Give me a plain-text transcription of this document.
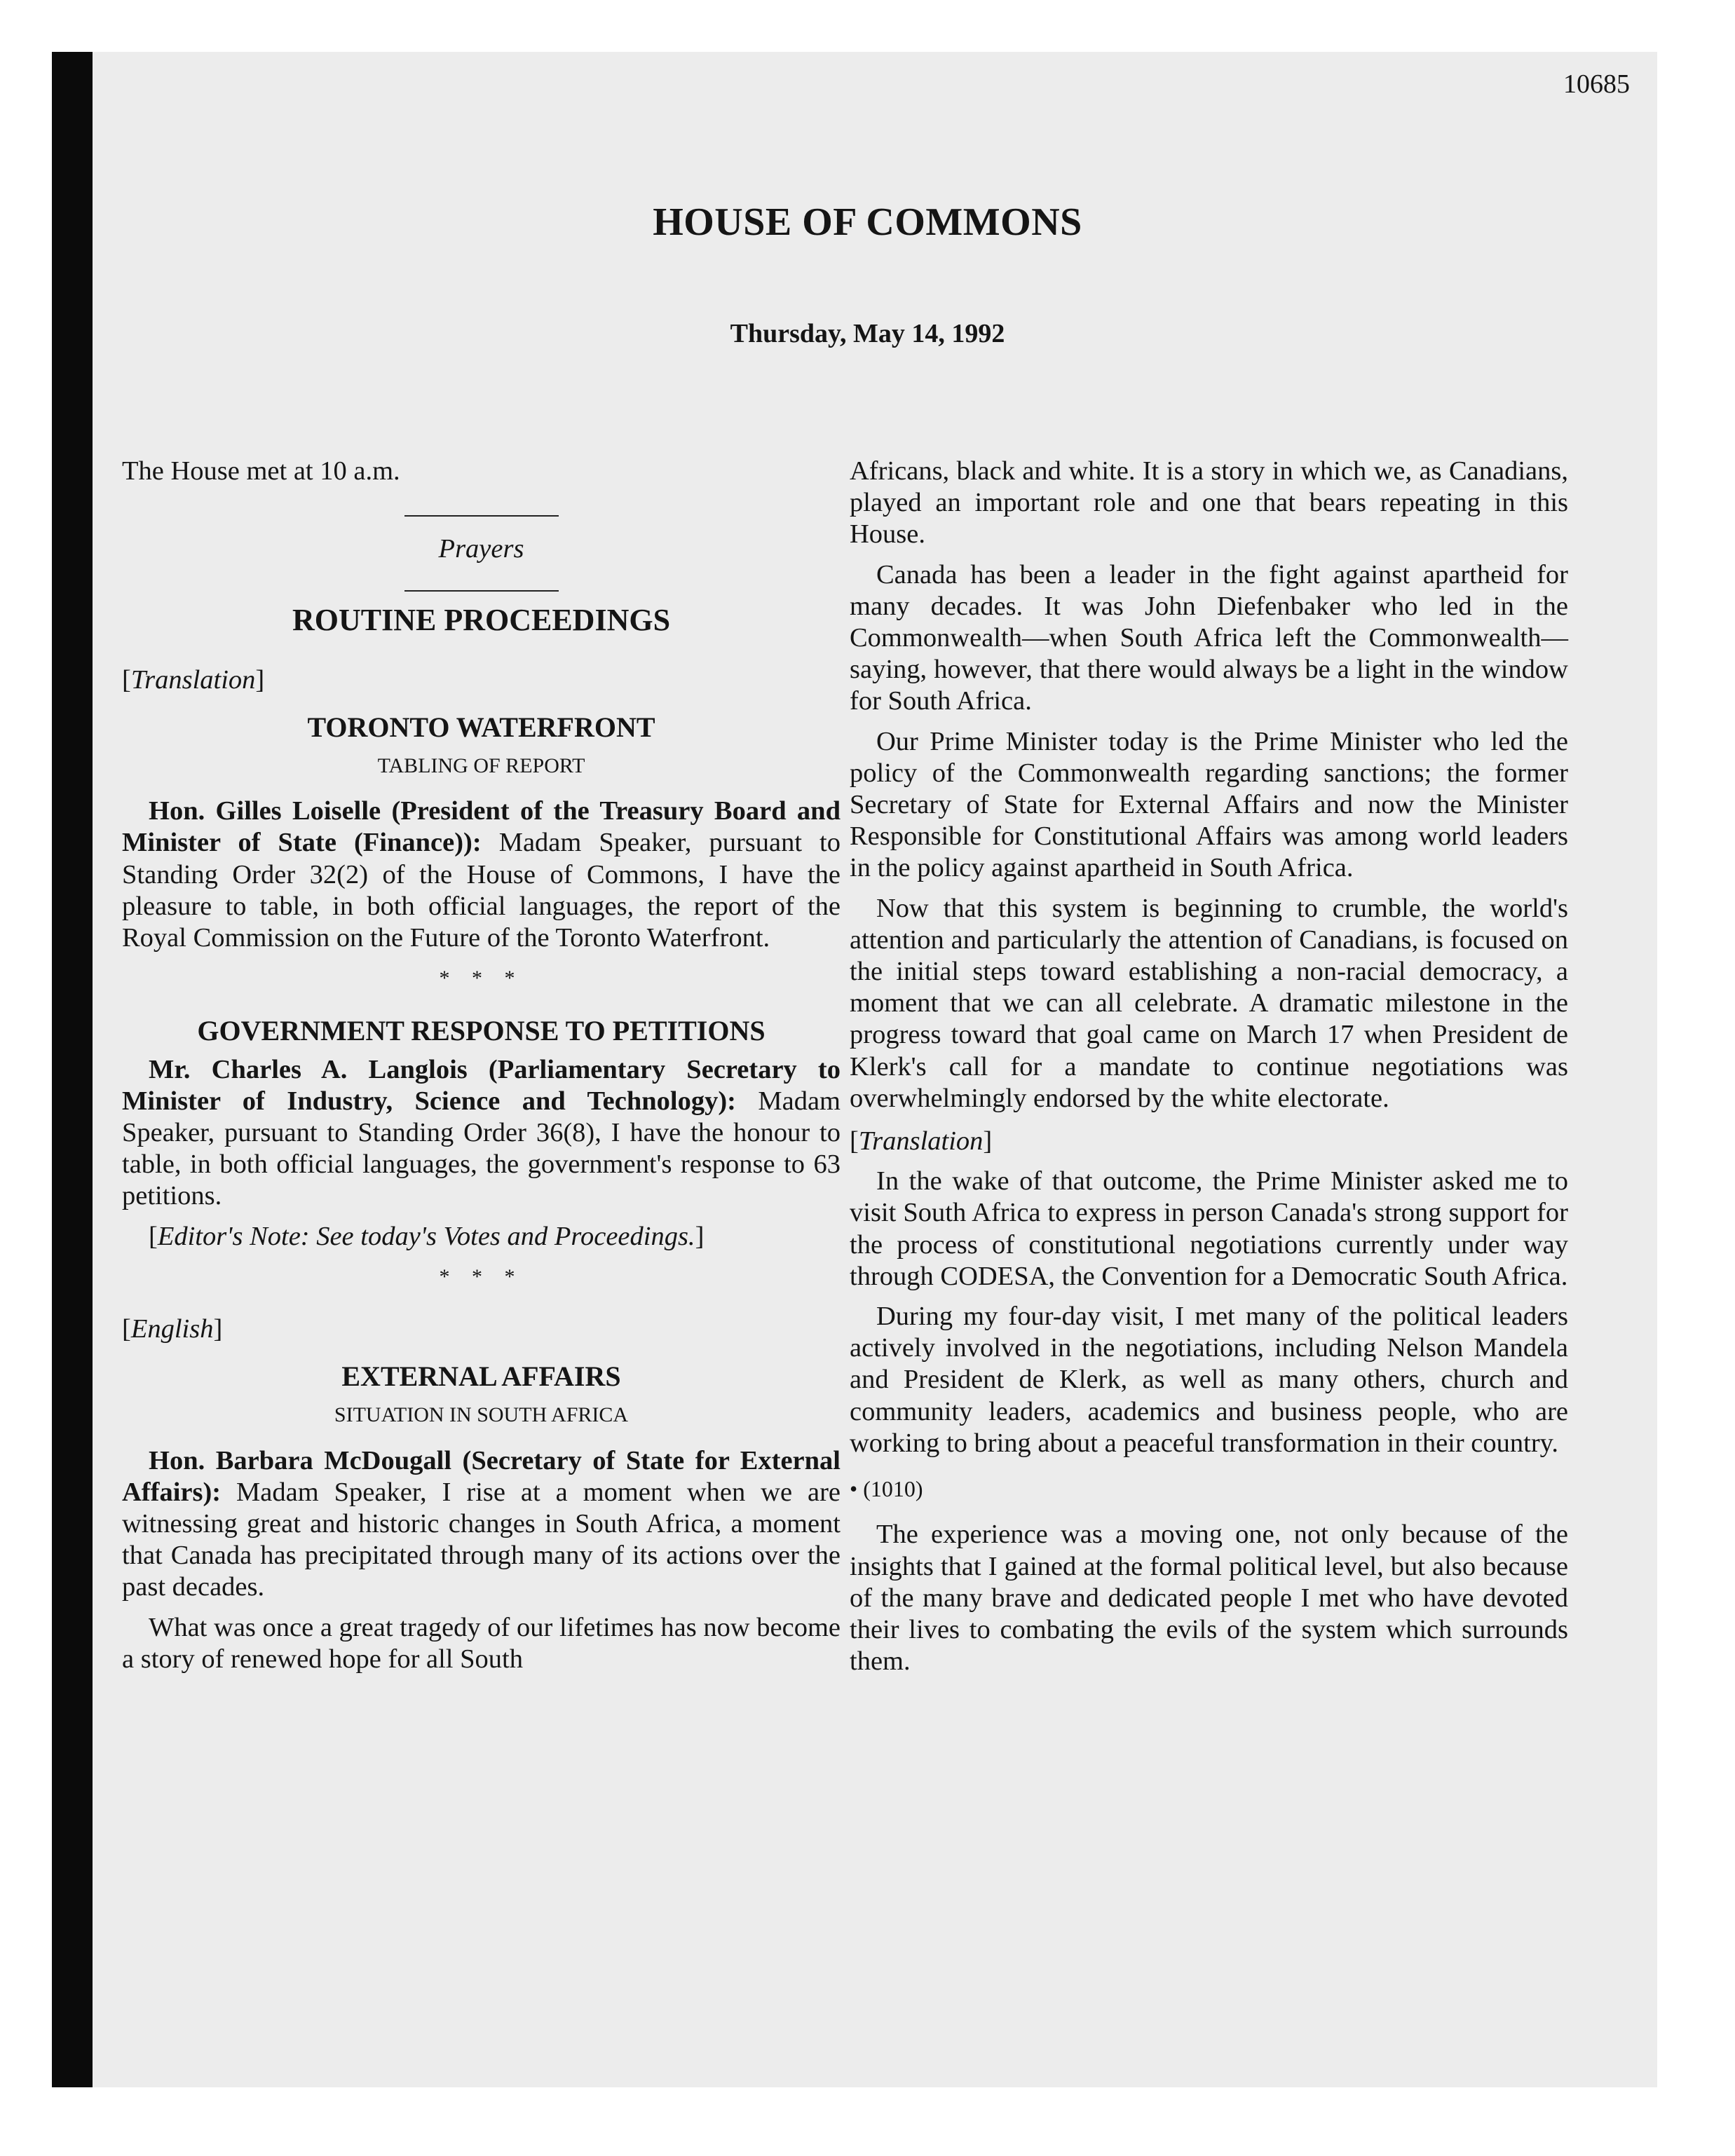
10685
HOUSE OF COMMONS
Thursday, May 14, 1992

The House met at 10 a.m.

Prayers
ROUTINE PROCEEDINGS
[Translation]
TORONTO WATERFRONT
TABLING OF REPORT

Hon. Gilles Loiselle (President of the Treasury Board and Minister of State (Finance)): Madam Speaker, pursuant to Standing Order 32(2) of the House of Commons, I have the pleasure to table, in both official languages, the report of the Royal Commission on the Future of the Toronto Waterfront.

* * *
GOVERNMENT RESPONSE TO PETITIONS

Mr. Charles A. Langlois (Parliamentary Secretary to Minister of Industry, Science and Technology): Madam Speaker, pursuant to Standing Order 36(8), I have the honour to table, in both official languages, the government's response to 63 petitions.

[Editor's Note: See today's Votes and Proceedings.]

* * *
[English]
EXTERNAL AFFAIRS
SITUATION IN SOUTH AFRICA

Hon. Barbara McDougall (Secretary of State for External Affairs): Madam Speaker, I rise at a moment when we are witnessing great and historic changes in South Africa, a moment that Canada has precipitated through many of its actions over the past decades.

What was once a great tragedy of our lifetimes has now become a story of renewed hope for all South

Africans, black and white. It is a story in which we, as Canadians, played an important role and one that bears repeating in this House.

Canada has been a leader in the fight against apartheid for many decades. It was John Diefenbaker who led in the Commonwealth—when South Africa left the Commonwealth—saying, however, that there would always be a light in the window for South Africa.

Our Prime Minister today is the Prime Minister who led the policy of the Commonwealth regarding sanctions; the former Secretary of State for External Affairs and now the Minister Responsible for Constitutional Affairs was among world leaders in the policy against apartheid in South Africa.

Now that this system is beginning to crumble, the world's attention and particularly the attention of Canadians, is focused on the initial steps toward establishing a non-racial democracy, a moment that we can all celebrate. A dramatic milestone in the progress toward that goal came on March 17 when President de Klerk's call for a mandate to continue negotiations was overwhelmingly endorsed by the white electorate.

[Translation]

In the wake of that outcome, the Prime Minister asked me to visit South Africa to express in person Canada's strong support for the process of constitutional negotiations currently under way through CODESA, the Convention for a Democratic South Africa.

During my four-day visit, I met many of the political leaders actively involved in the negotiations, including Nelson Mandela and President de Klerk, as well as many others, church and community leaders, academics and business people, who are working to bring about a peaceful transformation in their country.

• (1010)

The experience was a moving one, not only because of the insights that I gained at the formal political level, but also because of the many brave and dedicated people I met who have devoted their lives to combating the evils of the system which surrounds them.
